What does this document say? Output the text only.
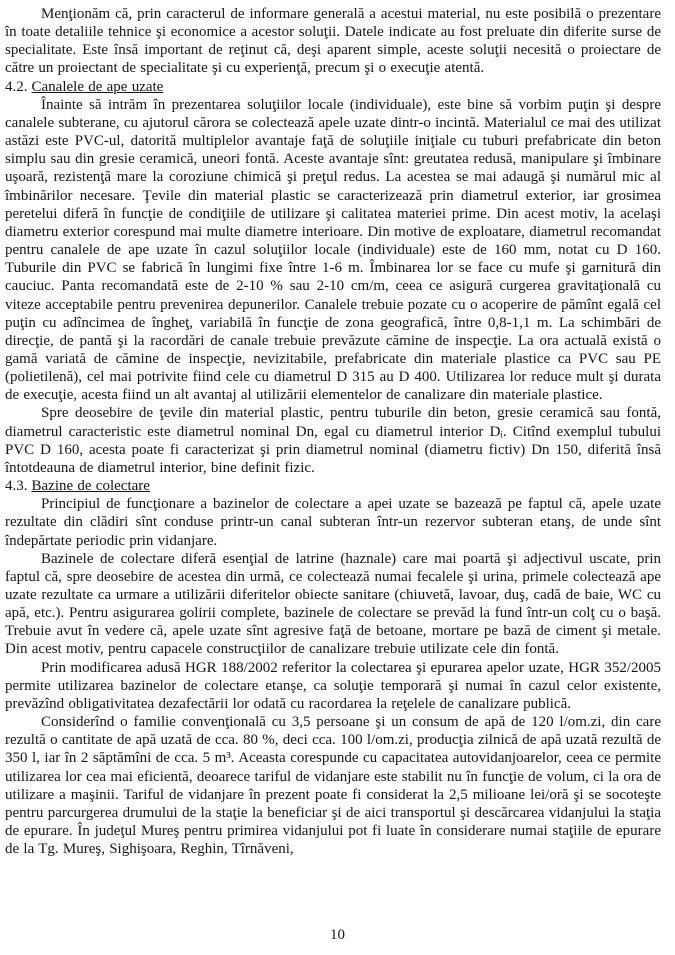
Menţionăm că, prin caracterul de informare generală a acestui material, nu este posibilă o prezentare în toate detaliile tehnice şi economice a acestor soluţii. Datele indicate au fost preluate din diferite surse de specialitate. Este însă important de reţinut că, deşi aparent simple, aceste soluţii necesită o proiectare de către un proiectant de specialitate şi cu experienţă, precum şi o execuţie atentă.

4.2. Canalele de ape uzate

Înainte să intrăm în prezentarea soluţiilor locale (individuale), este bine să vorbim puţin şi despre canalele subterane, cu ajutorul cărora se colectează apele uzate dintr-o incintă. Materialul ce mai des utilizat astăzi este PVC-ul, datorită multiplelor avantaje faţă de soluţiile iniţiale cu tuburi prefabricate din beton simplu sau din gresie ceramică, uneori fontă. Aceste avantaje sînt: greutatea redusă, manipulare şi îmbinare uşoară, rezistenţă mare la coroziune chimică şi preţul redus. La acestea se mai adaugă şi numărul mic al îmbinărilor necesare. Ţevile din material plastic se caracterizează prin diametrul exterior, iar grosimea peretelui diferă în funcţie de condiţiile de utilizare şi calitatea materiei prime. Din acest motiv, la acelaşi diametru exterior corespund mai multe diametre interioare. Din motive de exploatare, diametrul recomandat pentru canalele de ape uzate în cazul soluţiilor locale (individuale) este de 160 mm, notat cu D 160. Tuburile din PVC se fabrică în lungimi fixe între 1-6 m. Îmbinarea lor se face cu mufe şi garnitură din cauciuc. Panta recomandată este de 2-10 % sau 2-10 cm/m, ceea ce asigură curgerea gravitaţională cu viteze acceptabile pentru prevenirea depunerilor. Canalele trebuie pozate cu o acoperire de pămînt egală cel puţin cu adîncimea de îngheţ, variabilă în funcţie de zona geografică, între 0,8-1,1 m. La schimbări de direcţie, de pantă şi la racordări de canale trebuie prevăzute cămine de inspecţie. La ora actuală există o gamă variată de cămine de inspecţie, nevizitabile, prefabricate din materiale plastice ca PVC sau PE (polietilenă), cel mai potrivite fiind cele cu diametrul D 315 au D 400. Utilizarea lor reduce mult şi durata de execuţie, acesta fiind un alt avantaj al utilizării elementelor de canalizare din materiale plastice.

Spre deosebire de ţevile din material plastic, pentru tuburile din beton, gresie ceramică sau fontă, diametrul caracteristic este diametrul nominal Dn, egal cu diametrul interior Dᵢ. Citînd exemplul tubului PVC D 160, acesta poate fi caracterizat şi prin diametrul nominal (diametru fictiv) Dn 150, diferită însă întotdeauna de diametrul interior, bine definit fizic.

4.3. Bazine de colectare

Principiul de funcţionare a bazinelor de colectare a apei uzate se bazează pe faptul că, apele uzate rezultate din clădiri sînt conduse printr-un canal subteran într-un rezervor subteran etanş, de unde sînt îndepărtate periodic prin vidanjare.

Bazinele de colectare diferă esenţial de latrine (haznale) care mai poartă şi adjectivul uscate, prin faptul că, spre deosebire de acestea din urmă, ce colectează numai fecalele şi urina, primele colectează ape uzate rezultate ca urmare a utilizării diferitelor obiecte sanitare (chiuvetă, lavoar, duş, cadă de baie, WC cu apă, etc.). Pentru asigurarea golirii complete, bazinele de colectare se prevăd la fund într-un colţ cu o başă. Trebuie avut în vedere că, apele uzate sînt agresive faţă de betoane, mortare pe bază de ciment şi metale. Din acest motiv, pentru capacele construcţiilor de canalizare trebuie utilizate cele din fontă.

Prin modificarea adusă HGR 188/2002 referitor la colectarea şi epurarea apelor uzate, HGR 352/2005 permite utilizarea bazinelor de colectare etanşe, ca soluţie temporară şi numai în cazul celor existente, prevăzînd obligativitatea dezafectării lor odată cu racordarea la reţelele de canalizare publică.

Considerînd o familie convenţională cu 3,5 persoane şi un consum de apă de 120 l/om.zi, din care rezultă o cantitate de apă uzată de cca. 80 %, deci cca. 100 l/om.zi, producţia zilnică de apă uzată rezultă de 350 l, iar în 2 săptămîni de cca. 5 m³. Aceasta corespunde cu capacitatea autovidanjoarelor, ceea ce permite utilizarea lor cea mai eficientă, deoarece tariful de vidanjare este stabilit nu în funcţie de volum, ci la ora de utilizare a maşinii. Tariful de vidanjare în prezent poate fi considerat la 2,5 milioane lei/oră şi se socoteşte pentru parcurgerea drumului de la staţie la beneficiar şi de aici transportul şi descărcarea vidanjului la staţia de epurare. În judeţul Mureş pentru primirea vidanjului pot fi luate în considerare numai staţiile de epurare de la Tg. Mureş, Sighişoara, Reghin, Tîrnăveni,

10
